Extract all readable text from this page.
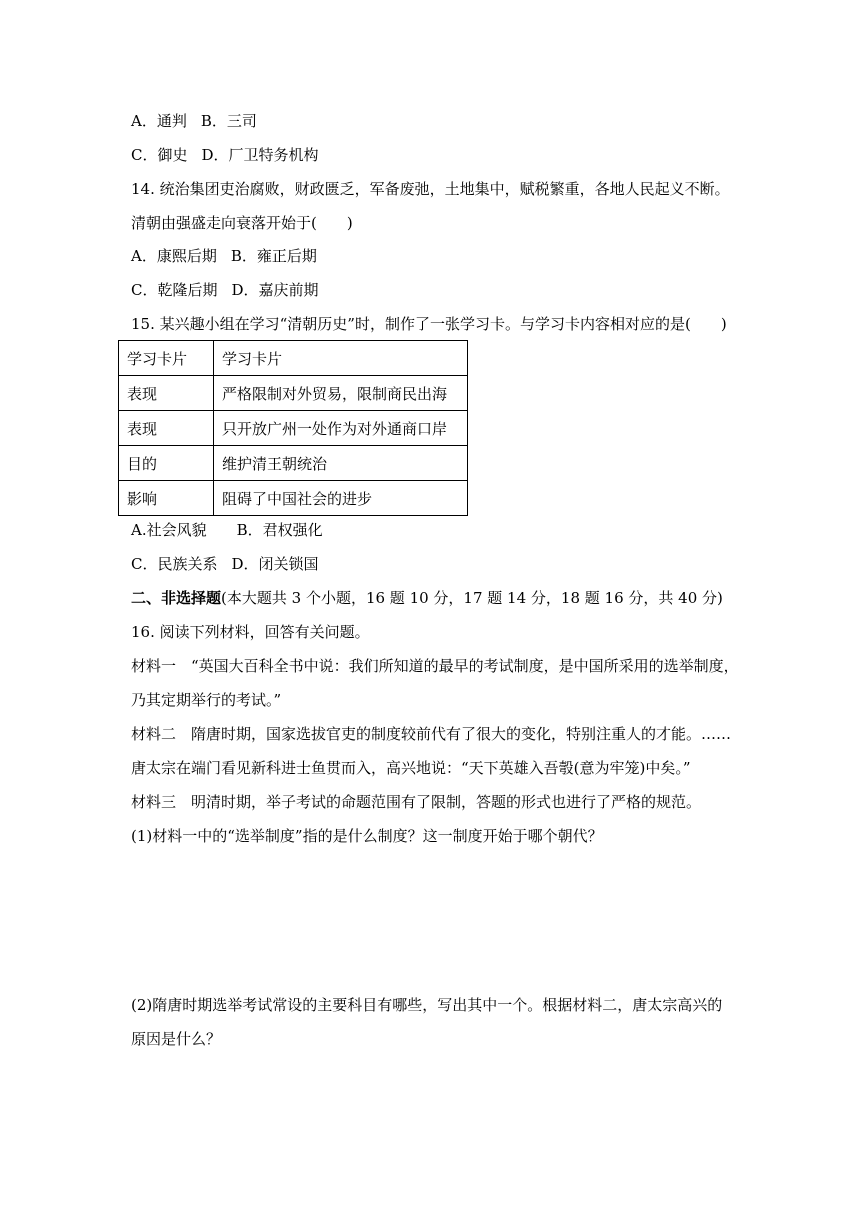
A．通判 B．三司
C．御史 D．厂卫特务机构
14. 统治集团吏治腐败，财政匮乏，军备废弛，土地集中，赋税繁重，各地人民起义不断。
清朝由强盛走向衰落开始于(　　)
A．康熙后期 B．雍正后期
C．乾隆后期 D．嘉庆前期
15. 某兴趣小组在学习“清朝历史”时，制作了一张学习卡。与学习卡内容相对应的是(　　)
学习卡片	学习卡片
表现	严格限制对外贸易，限制商民出海
表现	只开放广州一处作为对外通商口岸
目的	维护清王朝统治
影响	阻碍了中国社会的进步
A.社会风貌 B．君权强化
C．民族关系 D．闭关锁国
二、非选择题(本大题共 3 个小题，16 题 10 分，17 题 14 分，18 题 16 分，共 40 分)
16. 阅读下列材料，回答有关问题。
材料一　“英国大百科全书中说：我们所知道的最早的考试制度，是中国所采用的选举制度，
乃其定期举行的考试。”
材料二　隋唐时期，国家选拔官吏的制度较前代有了很大的变化，特别注重人的才能。……
唐太宗在端门看见新科进士鱼贯而入，高兴地说：“天下英雄入吾彀(意为牢笼)中矣。”
材料三　明清时期，举子考试的命题范围有了限制，答题的形式也进行了严格的规范。
(1)材料一中的“选举制度”指的是什么制度？这一制度开始于哪个朝代？
(2)隋唐时期选举考试常设的主要科目有哪些，写出其中一个。根据材料二，唐太宗高兴的
原因是什么？
